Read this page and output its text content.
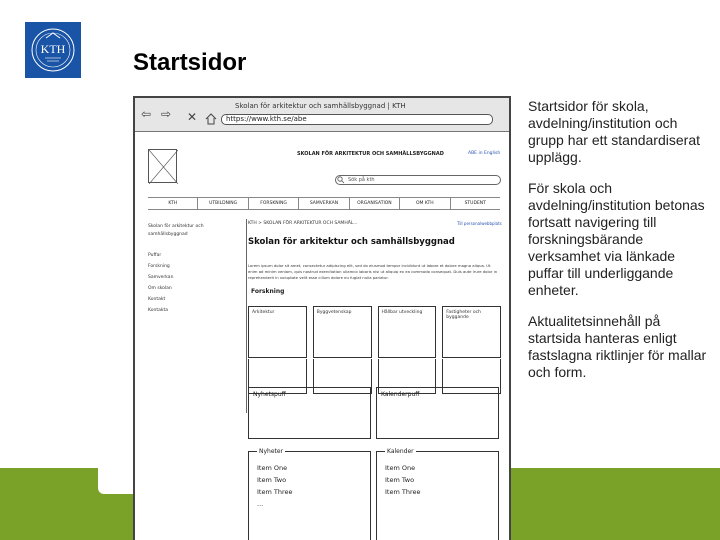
KTH	Startsidor

Startsidor för skola, avdelning/institution och grupp har ett standardiserat upplägg.

För skola och avdelning/institution betonas fortsatt navigering till forskningsbärande verksamhet via länkade puffar till underliggande enheter.

Aktualitetsinnehåll på startsida hanteras enligt fastslagna riktlinjer för mallar och form.

Skolan för arkitektur och samhällsbyggnad | KTH
⇦ ⇨ ✕	https://www.kth.se/abe
SKOLAN FÖR ARKITEKTUR OCH SAMHÄLLSBYGGNAD	ABE in English
Sök på kth
KTH	UTBILDNING	FORSKNING	SAMVERKAN	ORGANISATION	OM KTH	STUDENT
Skolan för arkitektur och
samhällsbyggnad
Puffar
Forskning
Samverkan
Om skolan
Kontakt
Kontakta
KTH > SKOLAN FÖR ARKITEKTUR OCH SAMHÄL...	Till personalwebbplats
Skolan för arkitektur och samhällsbyggnad
Lorem ipsum dolor sit amet, consectetur adipiscing elit, sed do eiusmod tempor incididunt ut labore et dolore magna aliqua. Ut enim ad minim veniam, quis nostrud exercitation ullamco laboris nisi ut aliquip ex ea commodo consequat. Duis aute irure dolor in reprehenderit in voluptate velit esse cillum dolore eu fugiat nulla pariatur.
Forskning
Arkitektur	Byggvetenskap	Hållbar utveckling	Fastigheter och byggande
Nyhetspuff	Kalenderpuff
Nyheter
Item One
Item Two
Item Three
...
Kalender
Item One
Item Two
Item Three
